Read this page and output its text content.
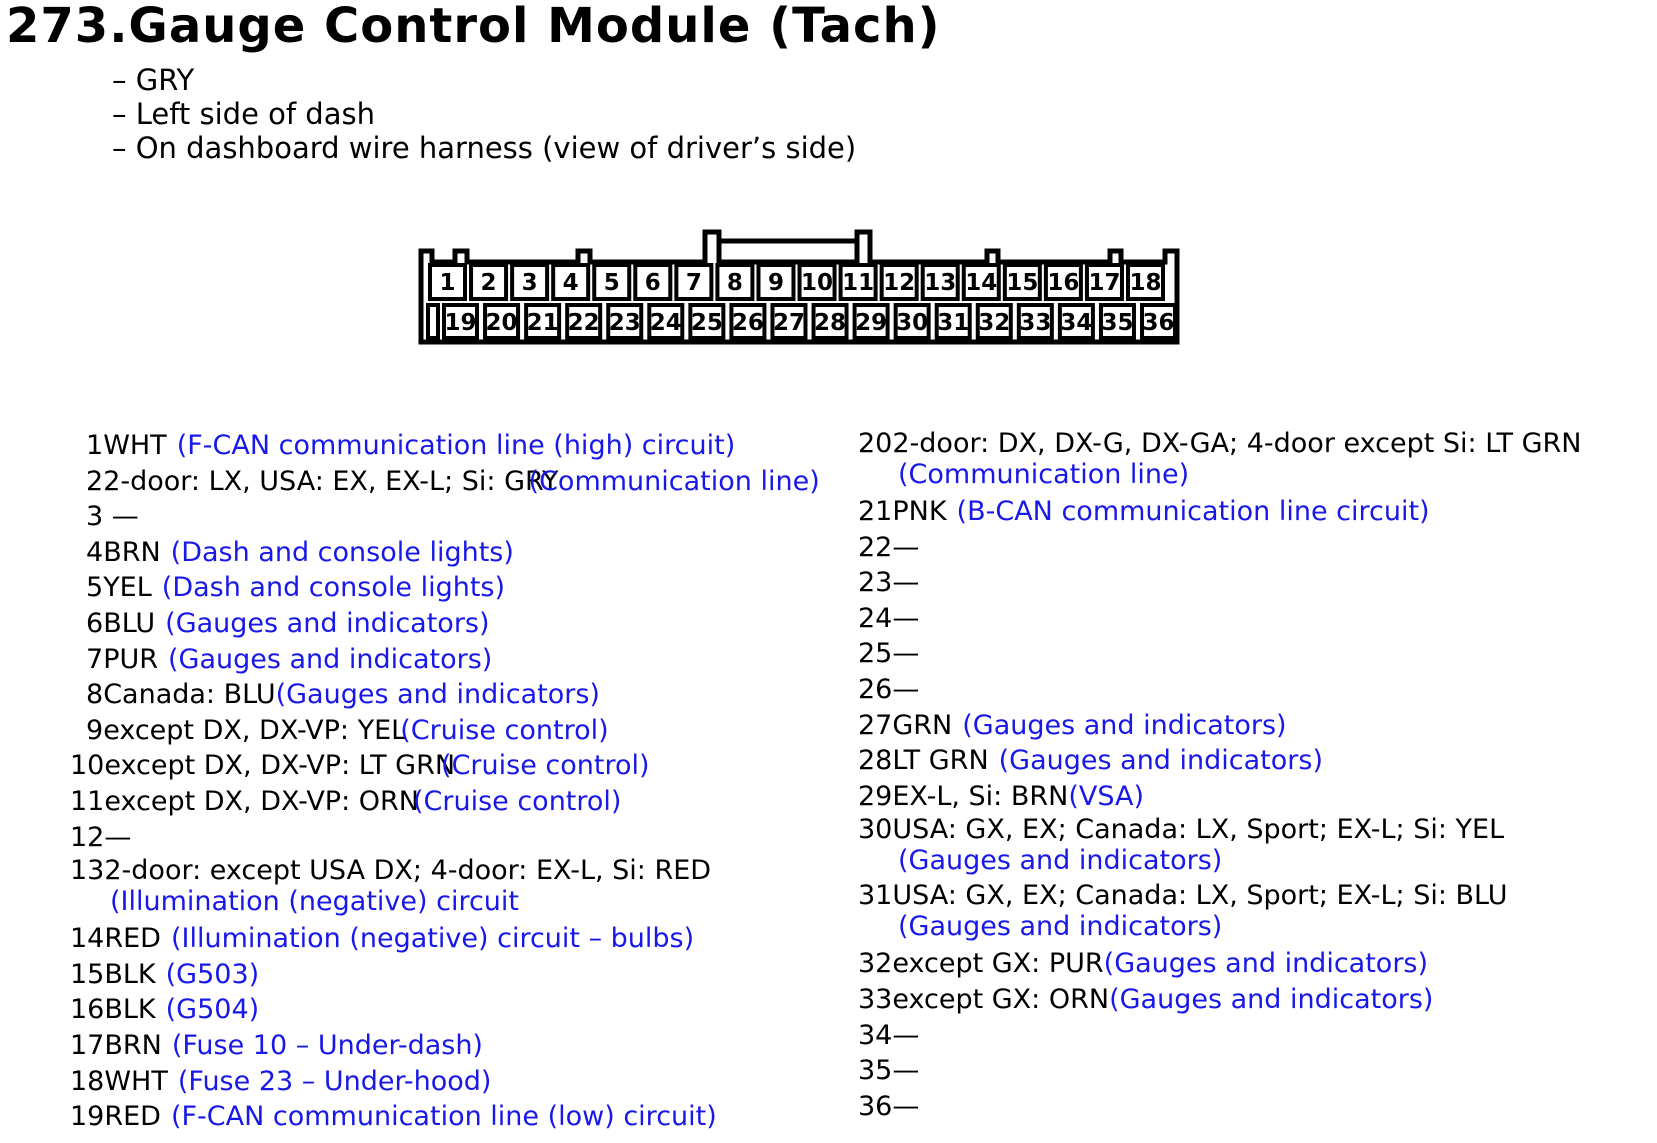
273.Gauge Control Module (Tach)
– GRY
– Left side of dash
– On dashboard wire harness (view of driver’s side)
1 2 3 4 5 6 7 8 9 10 11 12 13 14 15 16 17 18
19 20 21 22 23 24 25 26 27 28 29 30 31 32 33 34 35 36
1WHT (F-CAN communication line (high) circuit)
22-door: LX, USA: EX, EX-L; Si: GRY(Communication line)
3 —
4BRN (Dash and console lights)
5YEL (Dash and console lights)
6BLU (Gauges and indicators)
7PUR (Gauges and indicators)
8Canada: BLU(Gauges and indicators)
9except DX, DX-VP: YEL(Cruise control)
10except DX, DX-VP: LT GRN(Cruise control)
11except DX, DX-VP: ORN(Cruise control)
12—
132-door: except USA DX; 4-door: EX-L, Si: RED
(Illumination (negative) circuit
14RED (Illumination (negative) circuit – bulbs)
15BLK (G503)
16BLK (G504)
17BRN (Fuse 10 – Under-dash)
18WHT (Fuse 23 – Under-hood)
19RED (F-CAN communication line (low) circuit)
202-door: DX, DX-G, DX-GA; 4-door except Si: LT GRN
(Communication line)
21PNK (B-CAN communication line circuit)
22—
23—
24—
25—
26—
27GRN (Gauges and indicators)
28LT GRN (Gauges and indicators)
29EX-L, Si: BRN(VSA)
30USA: GX, EX; Canada: LX, Sport; EX-L; Si: YEL
(Gauges and indicators)
31USA: GX, EX; Canada: LX, Sport; EX-L; Si: BLU
(Gauges and indicators)
32except GX: PUR(Gauges and indicators)
33except GX: ORN(Gauges and indicators)
34—
35—
36—
